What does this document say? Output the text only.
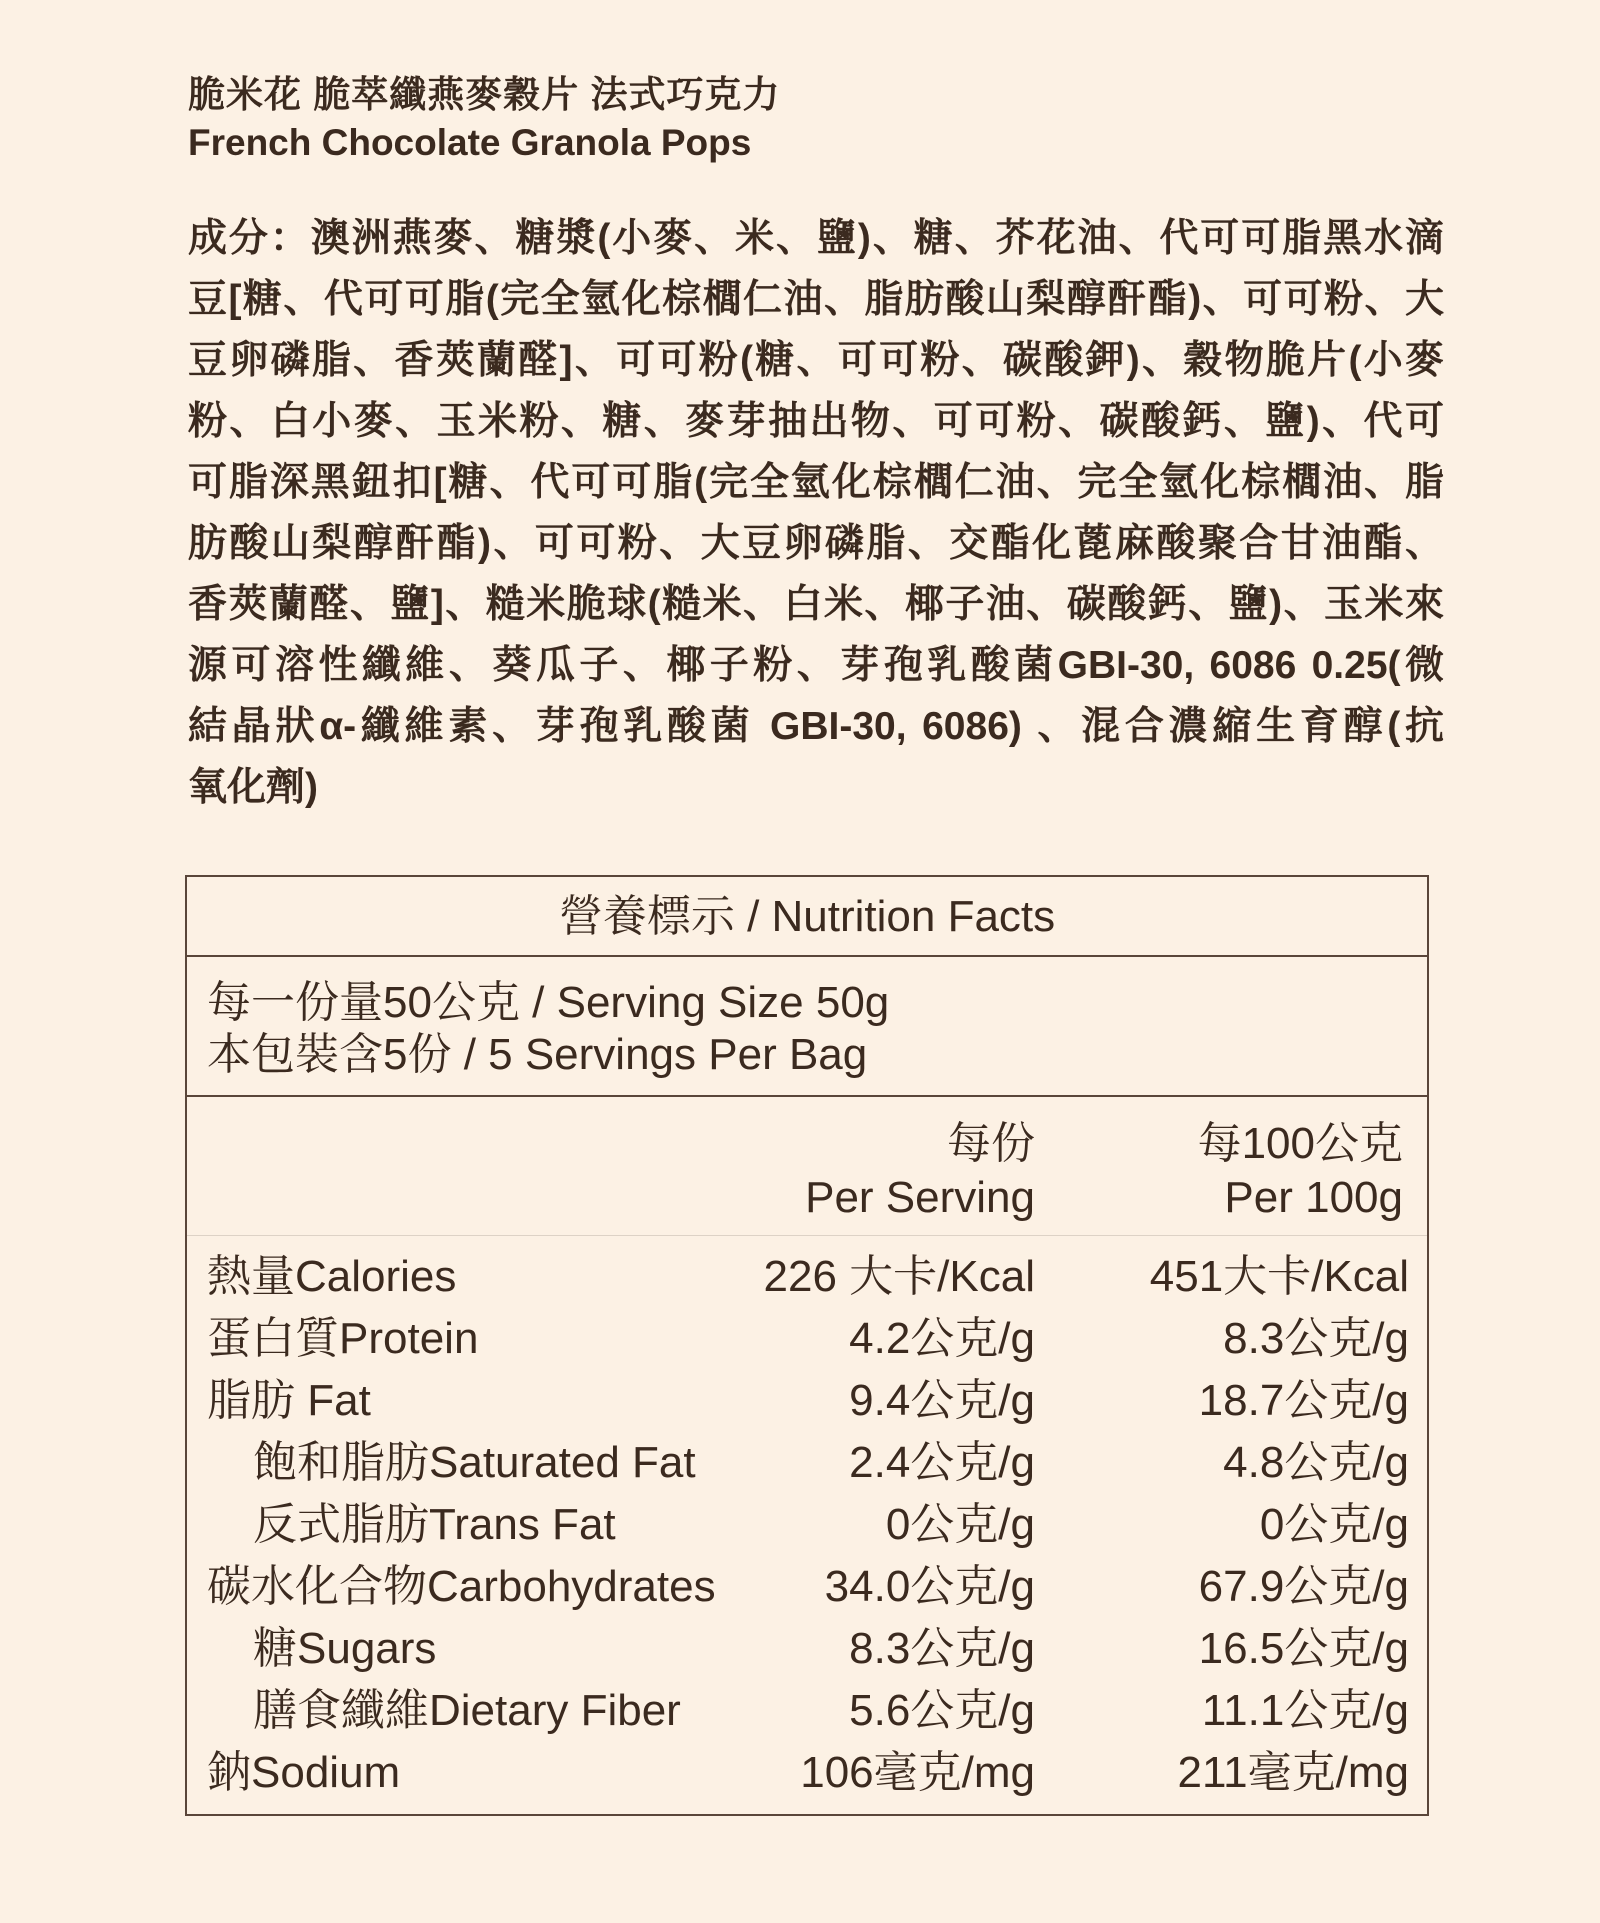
脆米花 脆萃纖燕麥穀片 法式巧克力
French Chocolate Granola Pops
成分：澳洲燕麥、糖漿(小麥、米、鹽)、糖、芥花油、代可可脂黑水滴
豆[糖、代可可脂(完全氫化棕櫚仁油、脂肪酸山梨醇酐酯)、可可粉、大
豆卵磷脂、香莢蘭醛]、可可粉(糖、可可粉、碳酸鉀)、穀物脆片(小麥
粉、白小麥、玉米粉、糖、麥芽抽出物、可可粉、碳酸鈣、鹽)、代可
可脂深黑鈕扣[糖、代可可脂(完全氫化棕櫚仁油、完全氫化棕櫚油、脂
肪酸山梨醇酐酯)、可可粉、大豆卵磷脂、交酯化蓖麻酸聚合甘油酯、
香莢蘭醛、鹽]、糙米脆球(糙米、白米、椰子油、碳酸鈣、鹽)、玉米來
源可溶性纖維、葵瓜子、椰子粉、芽孢乳酸菌GBI-30, 6086 0.25(微
結晶狀α-纖維素、芽孢乳酸菌 GBI-30, 6086) 、混合濃縮生育醇(抗
氧化劑)
營養標示 / Nutrition Facts
每一份量50公克 / Serving Size 50g
本包裝含5份 / 5 Servings Per Bag
每份
Per Serving
每100公克
Per 100g
熱量Calories	226 大卡/Kcal	451大卡/Kcal
蛋白質Protein	4.2公克/g	8.3公克/g
脂肪 Fat	9.4公克/g	18.7公克/g
飽和脂肪Saturated Fat	2.4公克/g	4.8公克/g
反式脂肪Trans Fat	0公克/g	0公克/g
碳水化合物Carbohydrates 34.0公克/g	67.9公克/g
糖Sugars	8.3公克/g	16.5公克/g
膳食纖維Dietary Fiber	5.6公克/g	11.1公克/g
鈉Sodium	106毫克/mg	211毫克/mg
